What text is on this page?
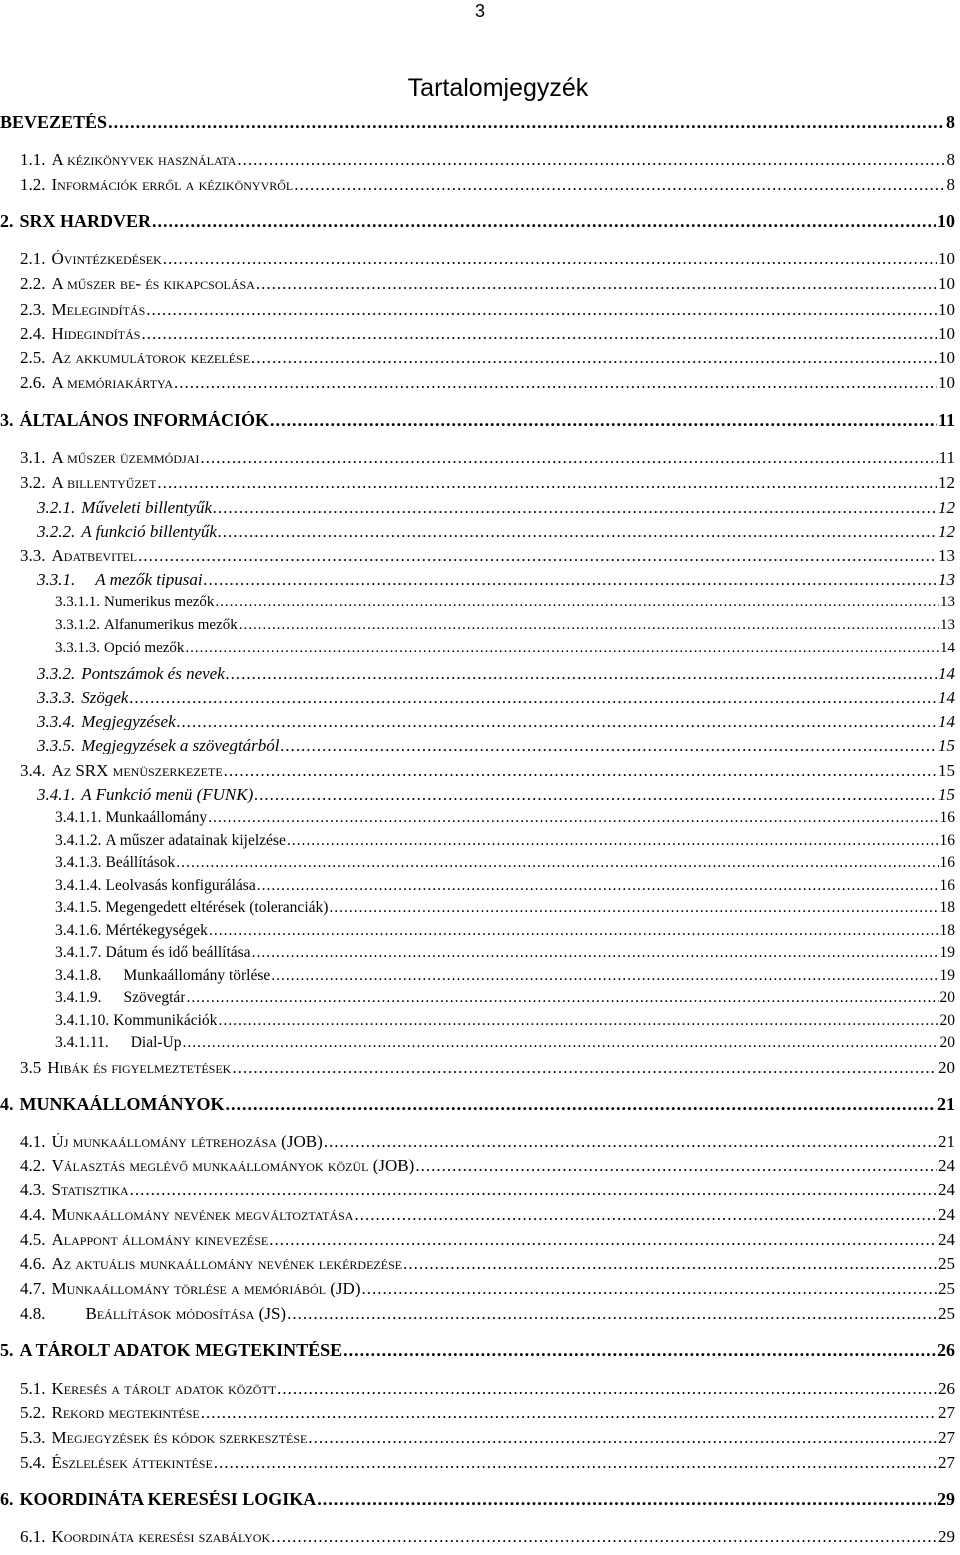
3
Tartalomjegyzék
BEVEZETÉS .....	8
1.1. A kézikönyvek használata .....	8
1.2. Információk erről a kézikönyvről .....	8
2. SRX HARDVER .....	10
2.1. Óvintézkedések .....	10
2.2. A műszer be- és kikapcsolása .....	10
2.3. Melegindítás .....	10
2.4. Hidegindítás .....	10
2.5. Az akkumulátorok kezelése .....	10
2.6. A memóriakártya .....	10
3. ÁLTALÁNOS INFORMÁCIÓK .....	11
3.1. A műszer üzemmódjai .....	11
3.2. A billentyűzet .....	12
3.2.1. Műveleti billentyűk .....	12
3.2.2. A funkció billentyűk .....	12
3.3. Adatbevitel .....	13
3.3.1. A mezők tipusai .....	13
3.3.1.1. Numerikus mezők .....	13
3.3.1.2. Alfanumerikus mezők .....	13
3.3.1.3. Opció mezők .....	14
3.3.2. Pontszámok és nevek .....	14
3.3.3. Szögek .....	14
3.3.4. Megjegyzések .....	14
3.3.5. Megjegyzések a szövegtárból .....	15
3.4. Az SRX menüszerkezete .....	15
3.4.1. A Funkció menü (FUNK) .....	15
3.4.1.1. Munkaállomány .....	16
3.4.1.2. A műszer adatainak kijelzése .....	16
3.4.1.3. Beállítások .....	16
3.4.1.4. Leolvasás konfigurálása .....	16
3.4.1.5. Megengedett eltérések (toleranciák) .....	18
3.4.1.6. Mértékegységek .....	18
3.4.1.7. Dátum és idő beállítása .....	19
3.4.1.8. Munkaállomány törlése .....	19
3.4.1.9. Szövegtár .....	20
3.4.1.10. Kommunikációk .....	20
3.4.1.11. Dial-Up .....	20
3.5 Hibák és figyelmeztetések .....	20
4. MUNKAÁLLOMÁNYOK .....	21
4.1. Új munkaállomány létrehozása (JOB) .....	21
4.2. Választás meglévő munkaállományok közül (JOB) .....	24
4.3. Statisztika .....	24
4.4. Munkaállomány nevének megváltoztatása .....	24
4.5. Alappont állomány kinevezése .....	24
4.6. Az aktuális munkaállomány nevének lekérdezése .....	25
4.7. Munkaállomány törlése a memóriából (JD) .....	25
4.8. Beállítások módosítása (JS) .....	25
5. A TÁROLT ADATOK MEGTEKINTÉSE .....	26
5.1. Keresés a tárolt adatok között .....	26
5.2. Rekord megtekintése .....	27
5.3. Megjegyzések és kódok szerkesztése .....	27
5.4. Észlelések áttekintése .....	27
6. KOORDINÁTA KERESÉSI LOGIKA .....	29
6.1. Koordináta keresési szabályok .....	29
